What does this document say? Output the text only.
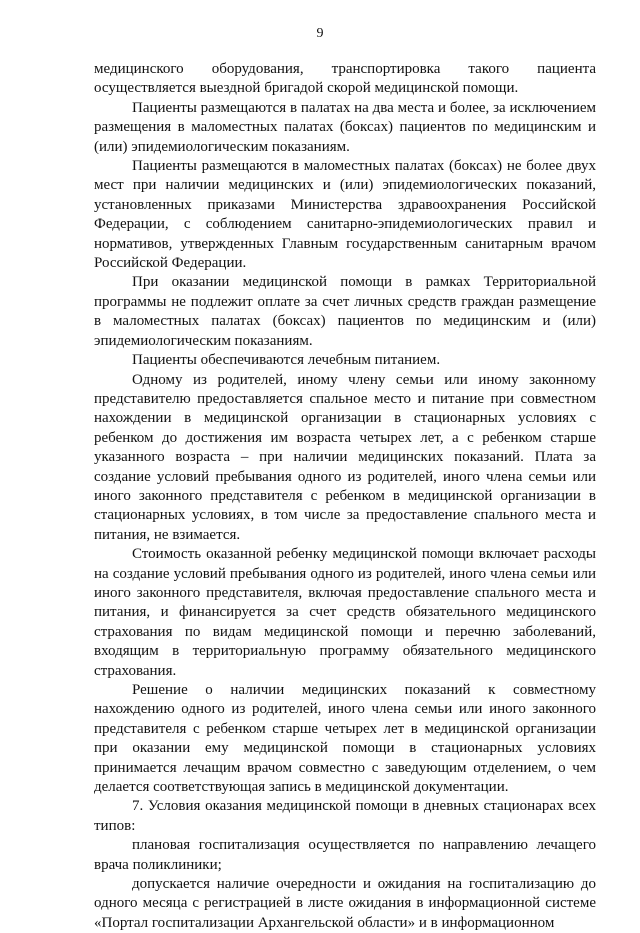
9

медицинского оборудования, транспортировка такого пациента осуществляется выездной бригадой скорой медицинской помощи.

Пациенты размещаются в палатах на два места и более, за исключением размещения в маломестных палатах (боксах) пациентов по медицинским и (или) эпидемиологическим показаниям.

Пациенты размещаются в маломестных палатах (боксах) не более двух мест при наличии медицинских и (или) эпидемиологических показаний, установленных приказами Министерства здравоохранения Российской Федерации, с соблюдением санитарно-эпидемиологических правил и нормативов, утвержденных Главным государственным санитарным врачом Российской Федерации.

При оказании медицинской помощи в рамках Территориальной программы не подлежит оплате за счет личных средств граждан размещение в маломестных палатах (боксах) пациентов по медицинским и (или) эпидемиологическим показаниям.

Пациенты обеспечиваются лечебным питанием.

Одному из родителей, иному члену семьи или иному законному представителю предоставляется спальное место и питание при совместном нахождении в медицинской организации в стационарных условиях с ребенком до достижения им возраста четырех лет, а с ребенком старше указанного возраста – при наличии медицинских показаний. Плата за создание условий пребывания одного из родителей, иного члена семьи или иного законного представителя с ребенком в медицинской организации в стационарных условиях, в том числе за предоставление спального места и питания, не взимается.

Стоимость оказанной ребенку медицинской помощи включает расходы на создание условий пребывания одного из родителей, иного члена семьи или иного законного представителя, включая предоставление спального места и питания, и финансируется за счет средств обязательного медицинского страхования по видам медицинской помощи и перечню заболеваний, входящим в территориальную программу обязательного медицинского страхования.

Решение о наличии медицинских показаний к совместному нахождению одного из родителей, иного члена семьи или иного законного представителя с ребенком старше четырех лет в медицинской организации при оказании ему медицинской помощи в стационарных условиях принимается лечащим врачом совместно с заведующим отделением, о чем делается соответствующая запись в медицинской документации.

7. Условия оказания медицинской помощи в дневных стационарах всех типов:

плановая госпитализация осуществляется по направлению лечащего врача поликлиники;

допускается наличие очередности и ожидания на госпитализацию до одного месяца с регистрацией в листе ожидания в информационной системе «Портал госпитализации Архангельской области» и в информационном
